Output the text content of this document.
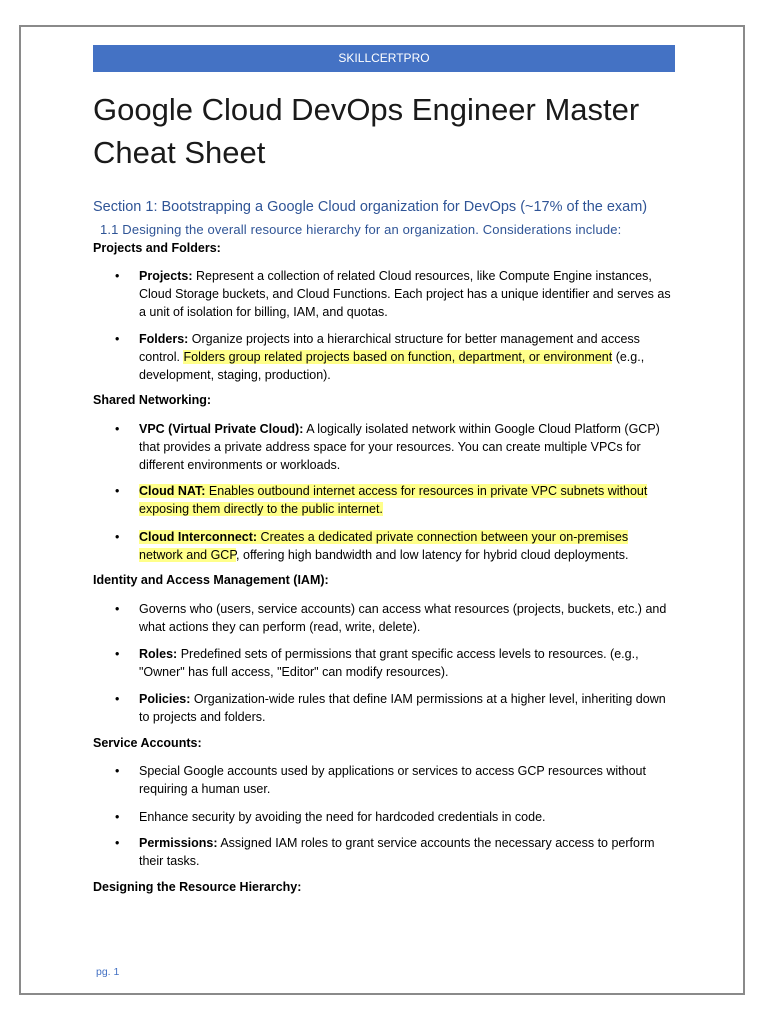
SKILLCERTPRO
Google Cloud DevOps Engineer Master
Cheat Sheet
Section 1: Bootstrapping a Google Cloud organization for DevOps (~17% of the exam)
1.1 Designing the overall resource hierarchy for an organization. Considerations include:
Projects and Folders:
•	Projects: Represent a collection of related Cloud resources, like Compute Engine instances, Cloud Storage buckets, and Cloud Functions. Each project has a unique identifier and serves as a unit of isolation for billing, IAM, and quotas.
•	Folders: Organize projects into a hierarchical structure for better management and access control. Folders group related projects based on function, department, or environment (e.g., development, staging, production).
Shared Networking:
•	VPC (Virtual Private Cloud): A logically isolated network within Google Cloud Platform (GCP) that provides a private address space for your resources. You can create multiple VPCs for different environments or workloads.
•	Cloud NAT: Enables outbound internet access for resources in private VPC subnets without exposing them directly to the public internet.
•	Cloud Interconnect: Creates a dedicated private connection between your on-premises network and GCP, offering high bandwidth and low latency for hybrid cloud deployments.
Identity and Access Management (IAM):
•	Governs who (users, service accounts) can access what resources (projects, buckets, etc.) and what actions they can perform (read, write, delete).
•	Roles: Predefined sets of permissions that grant specific access levels to resources. (e.g., "Owner" has full access, "Editor" can modify resources).
•	Policies: Organization-wide rules that define IAM permissions at a higher level, inheriting down to projects and folders.
Service Accounts:
•	Special Google accounts used by applications or services to access GCP resources without requiring a human user.
•	Enhance security by avoiding the need for hardcoded credentials in code.
•	Permissions: Assigned IAM roles to grant service accounts the necessary access to perform their tasks.
Designing the Resource Hierarchy:
pg. 1
